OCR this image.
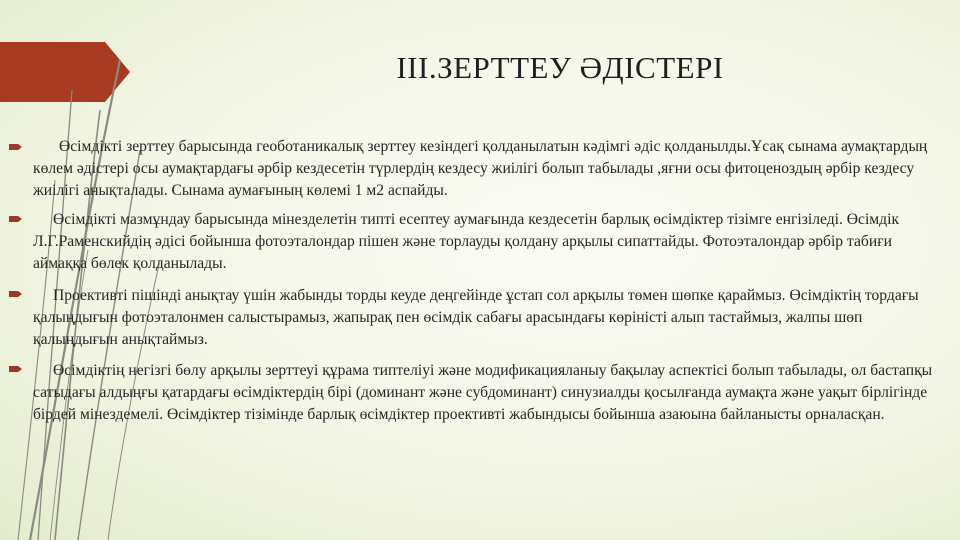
ІІІ.ЗЕРТТЕУ ӘДІСТЕРІ

Өсімдікті зерттеу барысында геоботаникалық зерттеу кезіндегі қолданылатын кәдімгі әдіс қолданылды.Ұсақ сынама аумақтардың көлем әдістері осы аумақтардағы әрбір кездесетін түрлердің кездесу жиілігі болып табылады ,яғни осы фитоценоздың әрбір кездесу жиілігі анықталады. Сынама аумағының көлемі 1 м2 аспайды.

Өсімдікті мазмұндау барысында мінездeлетін типті есептеу аумағында кездесетін барлық өсімдіктер тізімге енгізіледі. Өсімдік Л.Г.Раменскийдің әдісі бойынша фотоэталондар пішен және торлауды қолдану арқылы сипаттайды. Фотоэталондар әрбір табиғи аймаққа бөлек қолданылады.

Проективті пішінді анықтау үшін жабынды торды кеуде деңгейінде ұстап сол арқылы төмен шөпке қараймыз. Өсімдіктің тордағы қалыңдығын фотоэталонмен салыстырамыз, жапырақ пен өсімдік сабағы арасындағы көріністі алып тастаймыз, жалпы шөп қалыңдығын анықтаймыз.

Өсімдіктің негізгі бөлу арқылы зерттеуі құрама типтелiуі және модификацияланыу бақылау аспектісі болып табылады, ол бастапқы сатыдағы алдыңғы қатардағы өсімдіктердің бірі (доминант және субдоминант) синузиалды қосылғанда аумақта және уақыт бірлігінде бірдей мінездемелі. Өсімдіктер тізімінде барлық өсімдіктер проективті жабындысы бойынша азаюына байланысты орналасқан.
